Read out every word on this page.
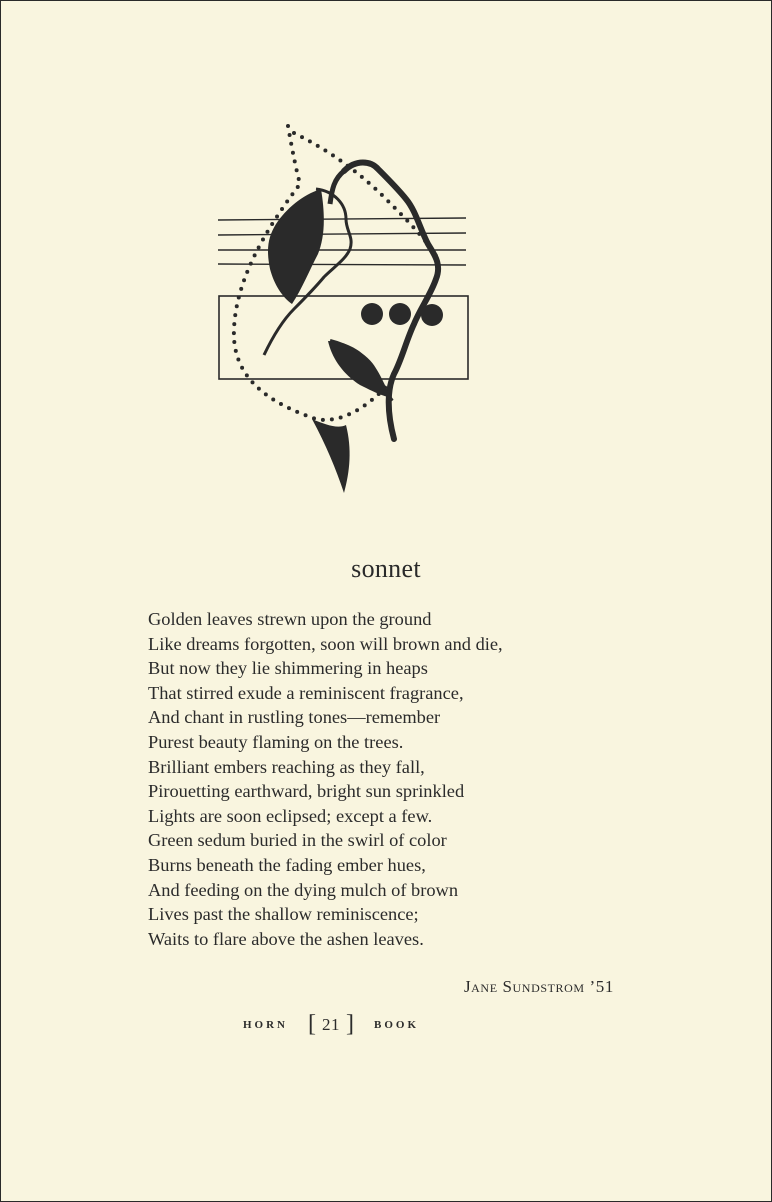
sonnet
Golden leaves strewn upon the ground
Like dreams forgotten, soon will brown and die,
But now they lie shimmering in heaps
That stirred exude a reminiscent fragrance,
And chant in rustling tones—remember
Purest beauty flaming on the trees.
Brilliant embers reaching as they fall,
Pirouetting earthward, bright sun sprinkled
Lights are soon eclipsed; except a few.
Green sedum buried in the swirl of color
Burns beneath the fading ember hues,
And feeding on the dying mulch of brown
Lives past the shallow reminiscence;
Waits to flare above the ashen leaves.
Jane Sundstrom ’51
HORN [ 21 ] BOOK
